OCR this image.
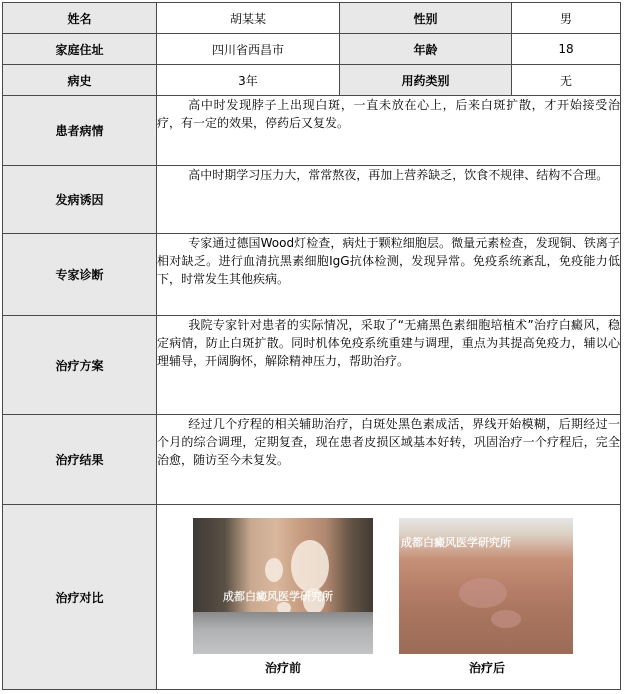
姓名	胡某某	性别	男
家庭住址	四川省西昌市	年龄	18
病史	3年	用药类别	无
患者病情	高中时发现脖子上出现白斑，一直未放在心上，后来白斑扩散，才开始接受治疗，有一定的效果，停药后又复发。		
发病诱因	高中时期学习压力大，常常熬夜，再加上营养缺乏，饮食不规律、结构不合理。		
专家诊断	专家通过德国Wood灯检查，病灶于颗粒细胞层。微量元素检查，发现铜、铁离子相对缺乏。进行血清抗黑素细胞IgG抗体检测，发现异常。免疫系统紊乱，免疫能力低下，时常发生其他疾病。		
治疗方案	我院专家针对患者的实际情况，采取了“无痛黑色素细胞培植术”治疗白癜风，稳定病情，防止白斑扩散。同时机体免疫系统重建与调理，重点为其提高免疫力，辅以心理辅导，开阔胸怀，解除精神压力，帮助治疗。		
治疗结果	经过几个疗程的相关辅助治疗，白斑处黑色素成活，界线开始模糊，后期经过一个月的综合调理，定期复查，现在患者皮损区域基本好转，巩固治疗一个疗程后，完全治愈，随访至今未复发。		
治疗对比	成都白癜风医学研究所
成都白癜风医学研究所
治疗前 治疗后		
